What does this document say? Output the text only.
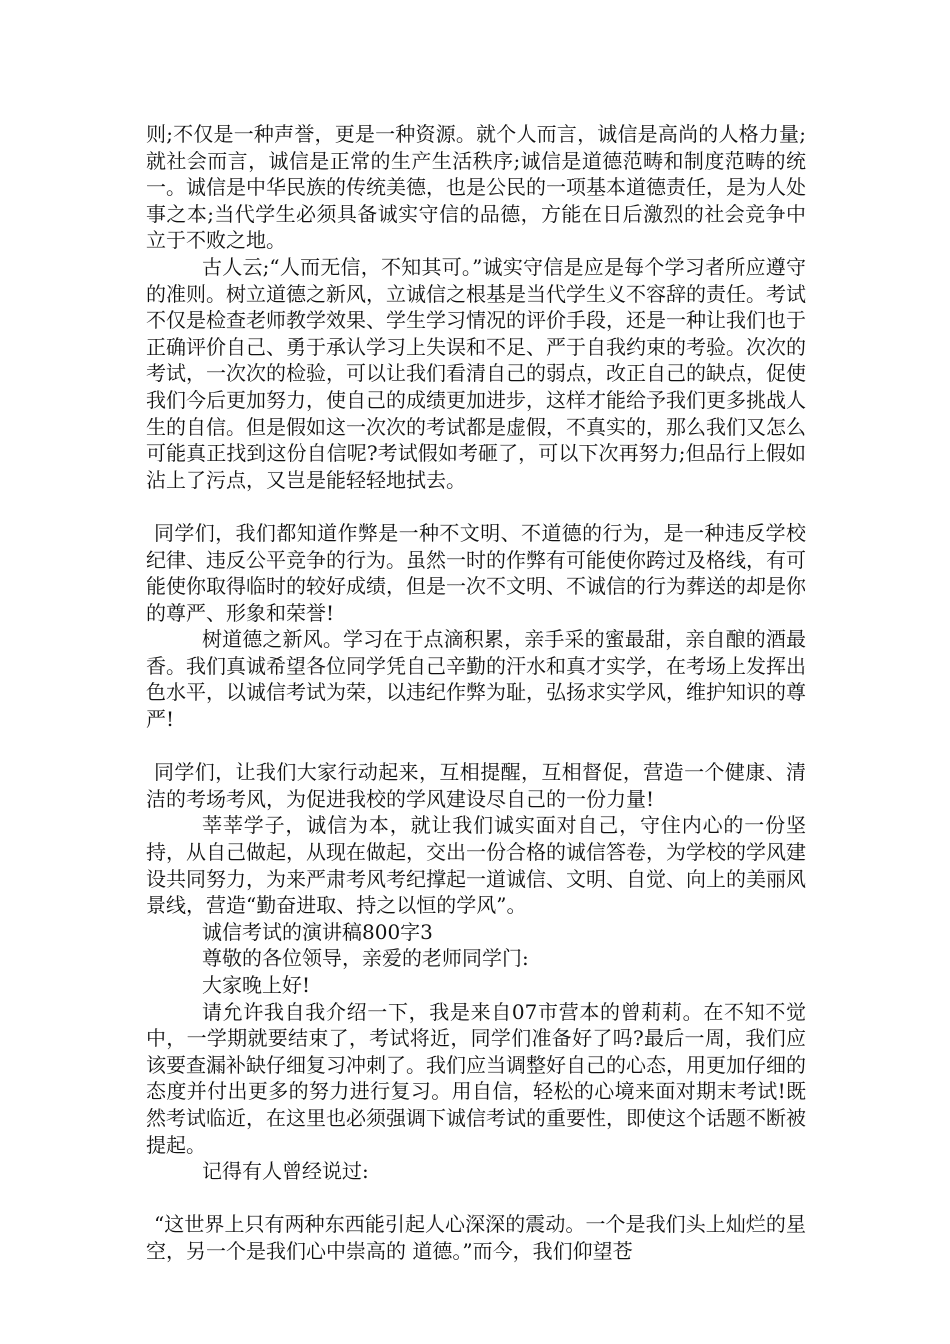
则;不仅是一种声誉，更是一种资源。就个人而言，诚信是高尚的人格力量;就社会而言，诚信是正常的生产生活秩序;诚信是道德范畴和制度范畴的统一。诚信是中华民族的传统美德，也是公民的一项基本道德责任，是为人处事之本;当代学生必须具备诚实守信的品德，方能在日后激烈的社会竞争中立于不败之地。

古人云;“人而无信，不知其可。”诚实守信是应是每个学习者所应遵守的准则。树立道德之新风，立诚信之根基是当代学生义不容辞的责任。考试不仅是检查老师教学效果、学生学习情况的评价手段，还是一种让我们也于正确评价自己、勇于承认学习上失误和不足、严于自我约束的考验。次次的考试，一次次的检验，可以让我们看清自己的弱点，改正自己的缺点，促使我们今后更加努力，使自己的成绩更加进步，这样才能给予我们更多挑战人生的自信。但是假如这一次次的考试都是虚假，不真实的，那么我们又怎么可能真正找到这份自信呢?考试假如考砸了，可以下次再努力;但品行上假如沾上了污点，又岂是能轻轻地拭去。

同学们，我们都知道作弊是一种不文明、不道德的行为，是一种违反学校纪律、违反公平竞争的行为。虽然一时的作弊有可能使你跨过及格线，有可能使你取得临时的较好成绩，但是一次不文明、不诚信的行为葬送的却是你的尊严、形象和荣誉!

树道德之新风。学习在于点滴积累，亲手采的蜜最甜，亲自酿的酒最香。我们真诚希望各位同学凭自己辛勤的汗水和真才实学，在考场上发挥出色水平，以诚信考试为荣，以违纪作弊为耻，弘扬求实学风，维护知识的尊严!

同学们，让我们大家行动起来，互相提醒，互相督促，营造一个健康、清洁的考场考风，为促进我校的学风建设尽自己的一份力量!

莘莘学子，诚信为本，就让我们诚实面对自己，守住内心的一份坚持，从自己做起，从现在做起，交出一份合格的诚信答卷，为学校的学风建设共同努力，为来严肃考风考纪撑起一道诚信、文明、自觉、向上的美丽风景线，营造“勤奋进取、持之以恒的学风”。

诚信考试的演讲稿800字3

尊敬的各位领导，亲爱的老师同学门:

大家晚上好!

请允许我自我介绍一下，我是来自07市营本的曾莉莉。在不知不觉中，一学期就要结束了，考试将近，同学们准备好了吗?最后一周，我们应该要查漏补缺仔细复习冲刺了。我们应当调整好自己的心态，用更加仔细的态度并付出更多的努力进行复习。用自信，轻松的心境来面对期末考试!既然考试临近，在这里也必须强调下诚信考试的重要性，即使这个话题不断被提起。

记得有人曾经说过:

“这世界上只有两种东西能引起人心深深的震动。一个是我们头上灿烂的星空，另一个是我们心中崇高的 道德。”而今，我们仰望苍
